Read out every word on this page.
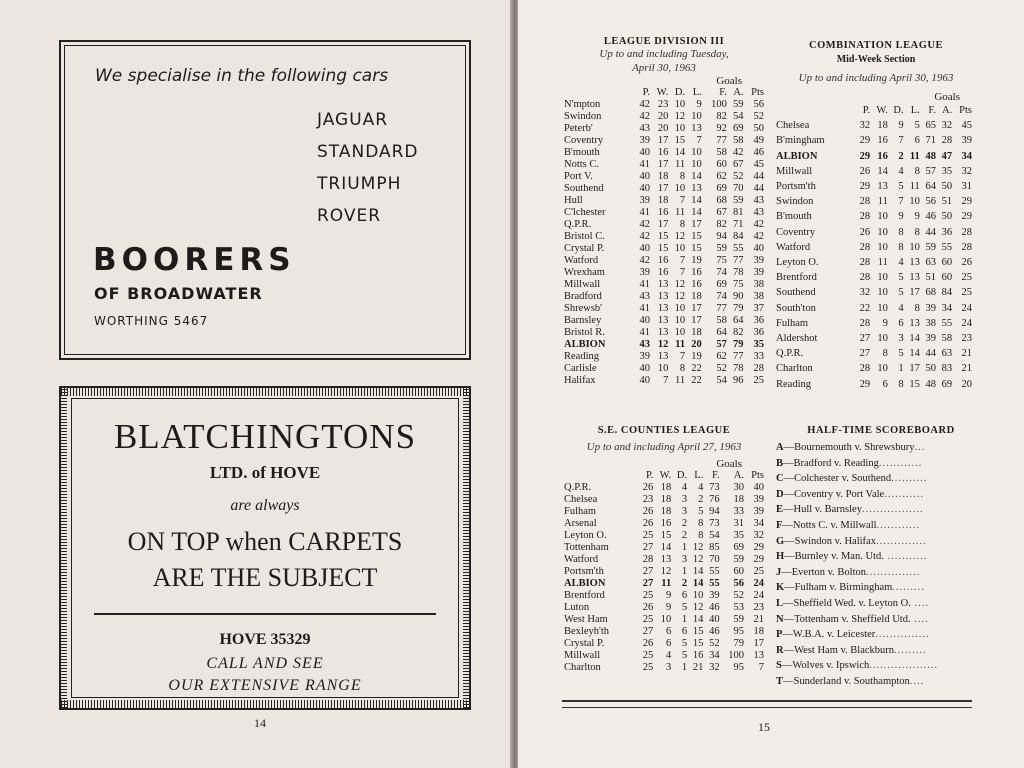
We specialise in the following cars
JAGUAR
STANDARD
TRIUMPH
ROVER
BOORERS
OF BROADWATER
WORTHING 5467
BLATCHINGTONS
LTD. of HOVE
are always
ON TOP when CARPETS
ARE THE SUBJECT
HOVE 35329
CALL AND SEE
OUR EXTENSIVE RANGE
14
LEAGUE DIVISION III
Up to and including Tuesday,
April 30, 1963
Goals
	P.	W.	D.	L.	F.	A.	Pts
N'mpton	42	23	10	9	100	59	56
Swindon	42	20	12	10	82	54	52
Peterb'	43	20	10	13	92	69	50
Coventry	39	17	15	7	77	58	49
B'mouth	40	16	14	10	58	42	46
Notts C.	41	17	11	10	60	67	45
Port V.	40	18	8	14	62	52	44
Southend	40	17	10	13	69	70	44
Hull	39	18	7	14	68	59	43
C'lchester	41	16	11	14	67	81	43
Q.P.R.	42	17	8	17	82	71	42
Bristol C.	42	15	12	15	94	84	42
Crystal P.	40	15	10	15	59	55	40
Watford	42	16	7	19	75	77	39
Wrexham	39	16	7	16	74	78	39
Millwall	41	13	12	16	69	75	38
Bradford	43	13	12	18	74	90	38
Shrewsb'	41	13	10	17	77	79	37
Barnsley	40	13	10	17	58	64	36
Bristol R.	41	13	10	18	64	82	36
ALBION	43	12	11	20	57	79	35
Reading	39	13	7	19	62	77	33
Carlisle	40	10	8	22	52	78	28
Halifax	40	7	11	22	54	96	25
COMBINATION LEAGUE
Mid-Week Section
Up to and including April 30, 1963
Goals
	P.	W.	D.	L.	F.	A.	Pts
Chelsea	32	18	9	5	65	32	45
B'mingham	29	16	7	6	71	28	39
ALBION	29	16	2	11	48	47	34
Millwall	26	14	4	8	57	35	32
Portsm'th	29	13	5	11	64	50	31
Swindon	28	11	7	10	56	51	29
B'mouth	28	10	9	9	46	50	29
Coventry	26	10	8	8	44	36	28
Watford	28	10	8	10	59	55	28
Leyton O.	28	11	4	13	63	60	26
Brentford	28	10	5	13	51	60	25
Southend	32	10	5	17	68	84	25
South'ton	22	10	4	8	39	34	24
Fulham	28	9	6	13	38	55	24
Aldershot	27	10	3	14	39	58	23
Q.P.R.	27	8	5	14	44	63	21
Charlton	28	10	1	17	50	83	21
Reading	29	6	8	15	48	69	20
S.E. COUNTIES LEAGUE
Up to and including April 27, 1963
Goals
	P.	W.	D.	L.	F.	A.	Pts
Q.P.R.	26	18	4	4	73	30	40
Chelsea	23	18	3	2	76	18	39
Fulham	26	18	3	5	94	33	39
Arsenal	26	16	2	8	73	31	34
Leyton O.	25	15	2	8	54	35	32
Tottenham	27	14	1	12	85	69	29
Watford	28	13	3	12	70	59	29
Portsm'th	27	12	1	14	55	60	25
ALBION	27	11	2	14	55	56	24
Brentford	25	9	6	10	39	52	24
Luton	26	9	5	12	46	53	23
West Ham	25	10	1	14	40	59	21
Bexleyh'th	27	6	6	15	46	95	18
Crystal P.	26	6	5	15	52	79	17
Millwall	25	4	5	16	34	100	13
Charlton	25	3	1	21	32	95	7
HALF-TIME SCOREBOARD
A—Bournemouth v. Shrewsbury...
B—Bradford v. Reading............
C—Colchester v. Southend..........
D—Coventry v. Port Vale...........
E—Hull v. Barnsley.................
F—Notts C. v. Millwall............
G—Swindon v. Halifax..............
H—Burnley v. Man. Utd. ...........
J—Everton v. Bolton...............
K—Fulham v. Birmingham.........
L—Sheffield Wed. v. Leyton O. ....
N—Tottenham v. Sheffield Utd. ....
P—W.B.A. v. Leicester...............
R—West Ham v. Blackburn.........
S—Wolves v. Ipswich...................
T—Sunderland v. Southampton....
15
